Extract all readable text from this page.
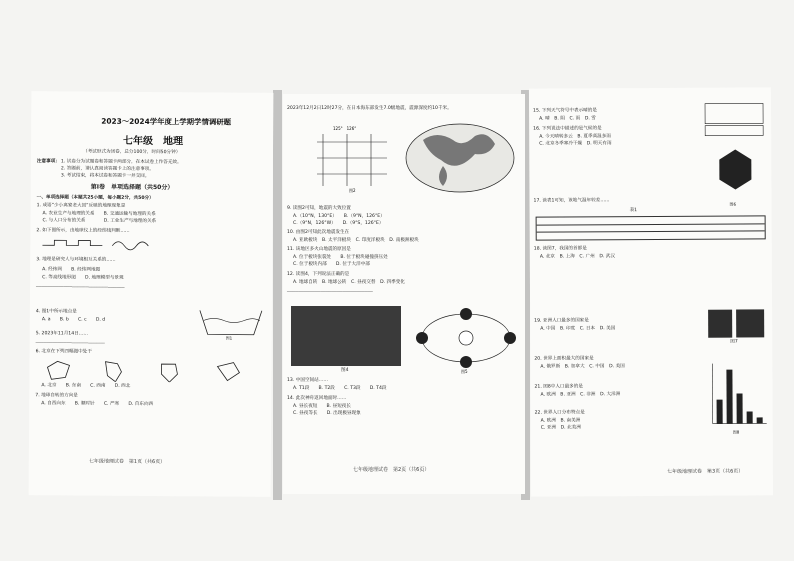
2023～2024学年度上学期学情调研题
七年级　地理
（考试形式为闭卷，总分100分，时间50分钟）
注意事项： 1. 试卷分为试题卷和答题卡两部分，在本试卷上作答无效。
2. 答题前，请认真阅读答题卡上的注意事项。
3. 考试结束，将本试卷和答题卡一并交回。
第Ⅰ卷　单项选择题（共50分）
一、单项选择题（本题共25小题，每小题2分，共50分）
1. 成语“少小离家老大回”反映的地理现象是
A. 农业生产与地理的关系　　B. 交通运输与地理的关系
C. 与人口分布的关系　　　　D. 工业生产与地理的关系
2. 如下图所示，由地球仪上的经纬线判断……
3. 地理是研究人与环境相互关系的……
A. 经纬网　　B. 经纬网地图
C. 等高线地形图　　D. 地理模型与景观
────────────────────────────────
4. 图1中所示地点是
A. a　　B. b　　C. c　　D. d
图1
5. 2023年11月14日……
─────────────────────────
6. 北京在下列四幅图中处于
A. 北京　　B. 东南　　C. 西南　　D. 西北
7. 地球自转的方向是
A. 自西向东　　B. 顺时针　　C. 严寒　　D. 自东向西
七年级地理试卷　第1页（共6页）
2023年12月2日12时27分，在日本海东部发生7.0级地震，震源深度约10千米。
125°　126°
图2
9. 读图2可知，地震的大致位置
A.（10°N，130°E）　　B.（9°N，126°E）
C.（9°N，126°W）　　D.（9°S，126°E）
10. 由图2可知此次地震发生在
A. 亚欧板块　B. 太平洋板块　C. 印度洋板块　D. 南极洲板块
11. 该地区多火山地震的原因是
A. 位于板块张裂处　　B. 位于板块碰撞挤压处
C. 位于板块内部　　D. 位于大洋中部
12. 读图4，下列说法正确的是
A. 地球自转　B. 地球公转　C. 昼夜交替　D. 四季变化
───────────────────────────────
图4	图5
13. 中国空间站……
A. T1段　　B. T2段　　C. T3段　　D. T4段
14. 此次神舟返回地面时……
A. 昼长夜短　　B. 昼短夜长
C. 昼夜等长　　D. 出现极昼现象
七年级地理试卷　第2页（共6页）
15. 下列天气符号中表示晴的是
A. 晴　B. 阴　C. 雨　D. 雪
16. 下列说法中描述的是气候的是
A. 今天晴转多云　B. 夏季高温多雨
C. 北京冬季寒冷干燥　D. 明天有雨
图6
17. 读表1可知，该地气温年较差……
表1
18. 读图7，我国的首都是
A. 北京　B. 上海　C. 广州　D. 武汉
图7
19. 亚洲人口最多的国家是
A. 中国　B. 印度　C. 日本　D. 美国
20. 世界上面积最大的国家是
A. 俄罗斯　B. 加拿大　C. 中国　D. 美国
图8
21. 图8中人口最多的是
A. 欧洲　B. 亚洲　C. 非洲　D. 大洋洲
22. 世界人口分布特点是
A. 欧洲　B. 南美洲
C. 亚洲　D. 北美洲
七年级地理试卷　第3页（共6页）
